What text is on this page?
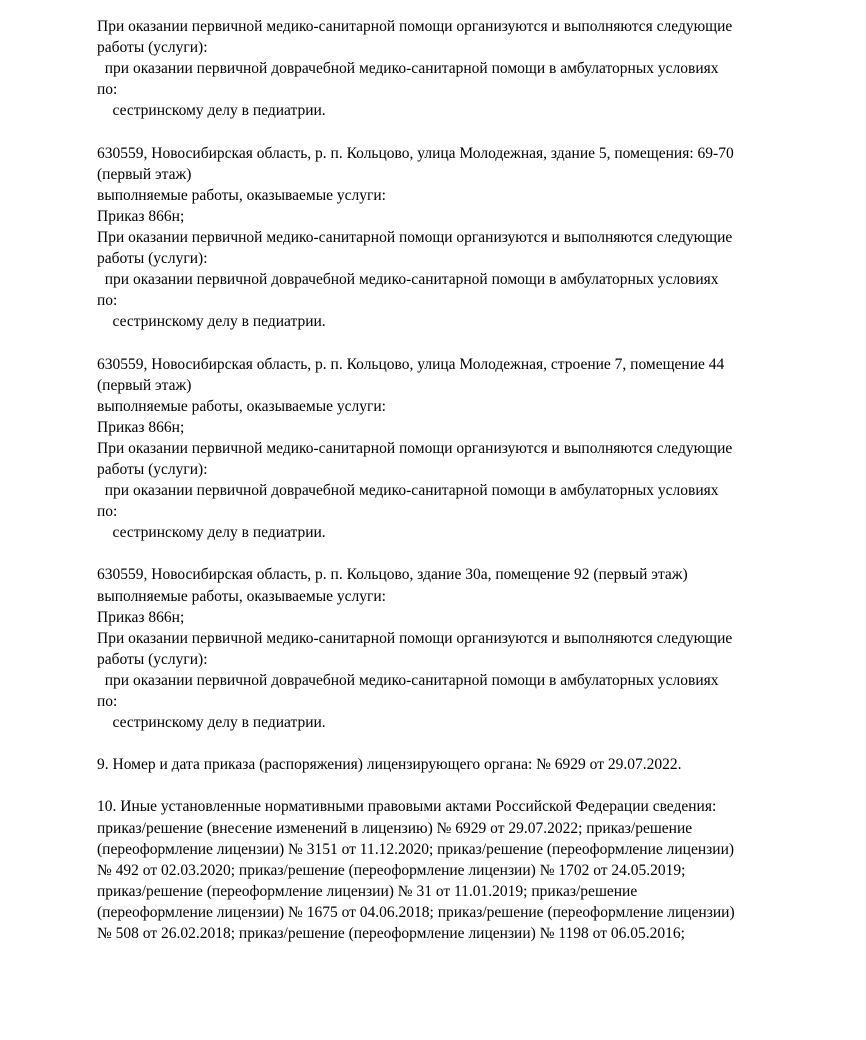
При оказании первичной медико-санитарной помощи организуются и выполняются следующие
работы (услуги):
при оказании первичной доврачебной медико-санитарной помощи в амбулаторных условиях
по:
сестринскому делу в педиатрии.
630559, Новосибирская область, р. п. Кольцово, улица Молодежная, здание 5, помещения: 69-70
(первый этаж)
выполняемые работы, оказываемые услуги:
Приказ 866н;
При оказании первичной медико-санитарной помощи организуются и выполняются следующие
работы (услуги):
при оказании первичной доврачебной медико-санитарной помощи в амбулаторных условиях
по:
сестринскому делу в педиатрии.
630559, Новосибирская область, р. п. Кольцово, улица Молодежная, строение 7, помещение 44
(первый этаж)
выполняемые работы, оказываемые услуги:
Приказ 866н;
При оказании первичной медико-санитарной помощи организуются и выполняются следующие
работы (услуги):
при оказании первичной доврачебной медико-санитарной помощи в амбулаторных условиях
по:
сестринскому делу в педиатрии.
630559, Новосибирская область, р. п. Кольцово, здание 30а, помещение 92 (первый этаж)
выполняемые работы, оказываемые услуги:
Приказ 866н;
При оказании первичной медико-санитарной помощи организуются и выполняются следующие
работы (услуги):
при оказании первичной доврачебной медико-санитарной помощи в амбулаторных условиях
по:
сестринскому делу в педиатрии.
9. Номер и дата приказа (распоряжения) лицензирующего органа: № 6929 от 29.07.2022.
10. Иные установленные нормативными правовыми актами Российской Федерации сведения:
приказ/решение (внесение изменений в лицензию) № 6929 от 29.07.2022; приказ/решение
(переоформление лицензии) № 3151 от 11.12.2020; приказ/решение (переоформление лицензии)
№ 492 от 02.03.2020; приказ/решение (переоформление лицензии) № 1702 от 24.05.2019;
приказ/решение (переоформление лицензии) № 31 от 11.01.2019; приказ/решение
(переоформление лицензии) № 1675 от 04.06.2018; приказ/решение (переоформление лицензии)
№ 508 от 26.02.2018; приказ/решение (переоформление лицензии) № 1198 от 06.05.2016;
